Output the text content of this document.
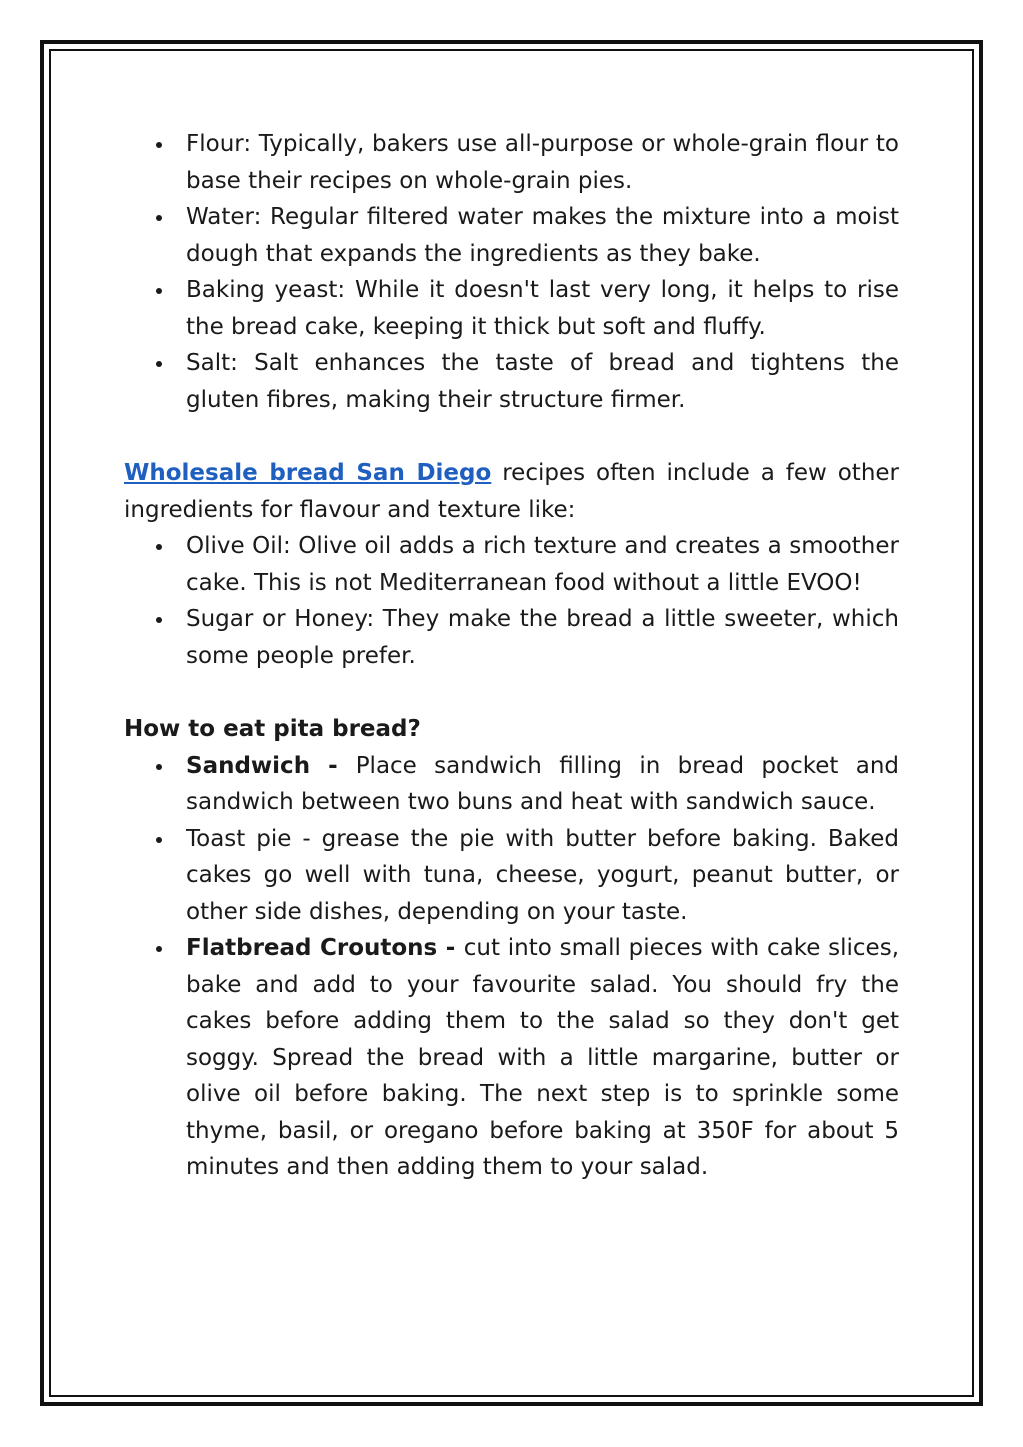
Flour: Typically, bakers use all-purpose or whole-grain flour to base their recipes on whole-grain pies.
Water: Regular filtered water makes the mixture into a moist dough that expands the ingredients as they bake.
Baking yeast: While it doesn't last very long, it helps to rise the bread cake, keeping it thick but soft and fluffy.
Salt: Salt enhances the taste of bread and tightens the gluten fibres, making their structure firmer.

Wholesale bread San Diego recipes often include a few other ingredients for flavour and texture like:

Olive Oil: Olive oil adds a rich texture and creates a smoother cake. This is not Mediterranean food without a little EVOO!
Sugar or Honey: They make the bread a little sweeter, which some people prefer.

How to eat pita bread?

Sandwich - Place sandwich filling in bread pocket and sandwich between two buns and heat with sandwich sauce.
Toast pie - grease the pie with butter before baking. Baked cakes go well with tuna, cheese, yogurt, peanut butter, or other side dishes, depending on your taste.
Flatbread Croutons - cut into small pieces with cake slices, bake and add to your favourite salad. You should fry the cakes before adding them to the salad so they don't get soggy. Spread the bread with a little margarine, butter or olive oil before baking. The next step is to sprinkle some thyme, basil, or oregano before baking at 350F for about 5 minutes and then adding them to your salad.
